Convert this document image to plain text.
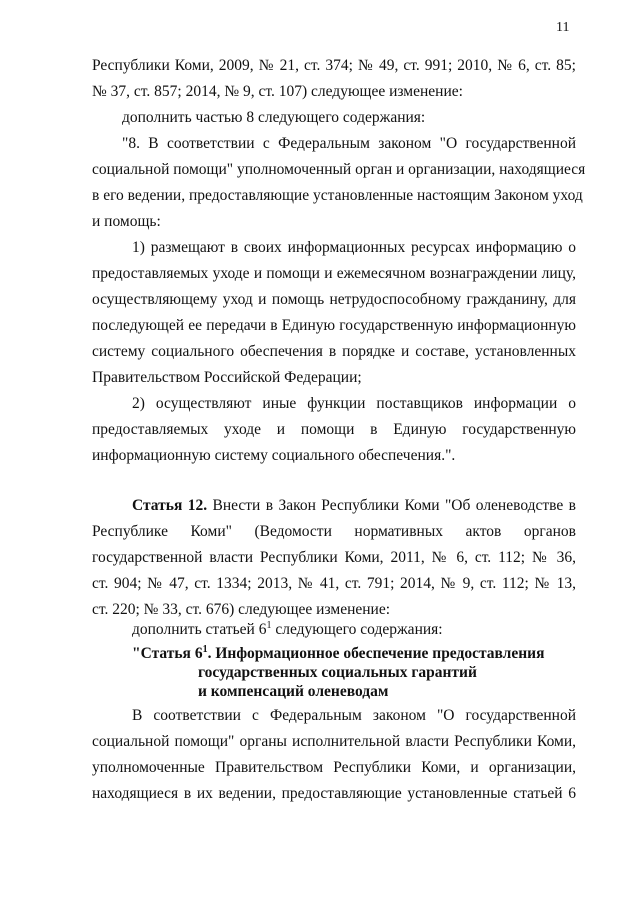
11
Республики Коми, 2009, № 21, ст. 374; № 49, ст. 991; 2010, № 6, ст. 85;
№ 37, ст. 857; 2014, № 9, ст. 107) следующее изменение:
дополнить частью 8 следующего содержания:
"8. В соответствии с Федеральным законом "О государственной
социальной помощи" уполномоченный орган и организации, находящиеся
в его ведении, предоставляющие установленные настоящим Законом уход
и помощь:
1) размещают в своих информационных ресурсах информацию о
предоставляемых уходе и помощи и ежемесячном вознаграждении лицу,
осуществляющему уход и помощь нетрудоспособному гражданину, для
последующей ее передачи в Единую государственную информационную
систему социального обеспечения в порядке и составе, установленных
Правительством Российской Федерации;
2) осуществляют иные функции поставщиков информации о
предоставляемых уходе и помощи в Единую государственную
информационную систему социального обеспечения.".
Статья 12. Внести в Закон Республики Коми "Об оленеводстве в
Республике Коми" (Ведомости нормативных актов органов
государственной власти Республики Коми, 2011, № 6, ст. 112; № 36,
ст. 904; № 47, ст. 1334; 2013, № 41, ст. 791; 2014, № 9, ст. 112; № 13,
ст. 220; № 33, ст. 676) следующее изменение:
дополнить статьей $6^1$ следующего содержания:
"Статья $6^1$. Информационное обеспечение предоставления
государственных социальных гарантий
и компенсаций оленеводам
В соответствии с Федеральным законом "О государственной
социальной помощи" органы исполнительной власти Республики Коми,
уполномоченные Правительством Республики Коми, и организации,
находящиеся в их ведении, предоставляющие установленные статьей 6
